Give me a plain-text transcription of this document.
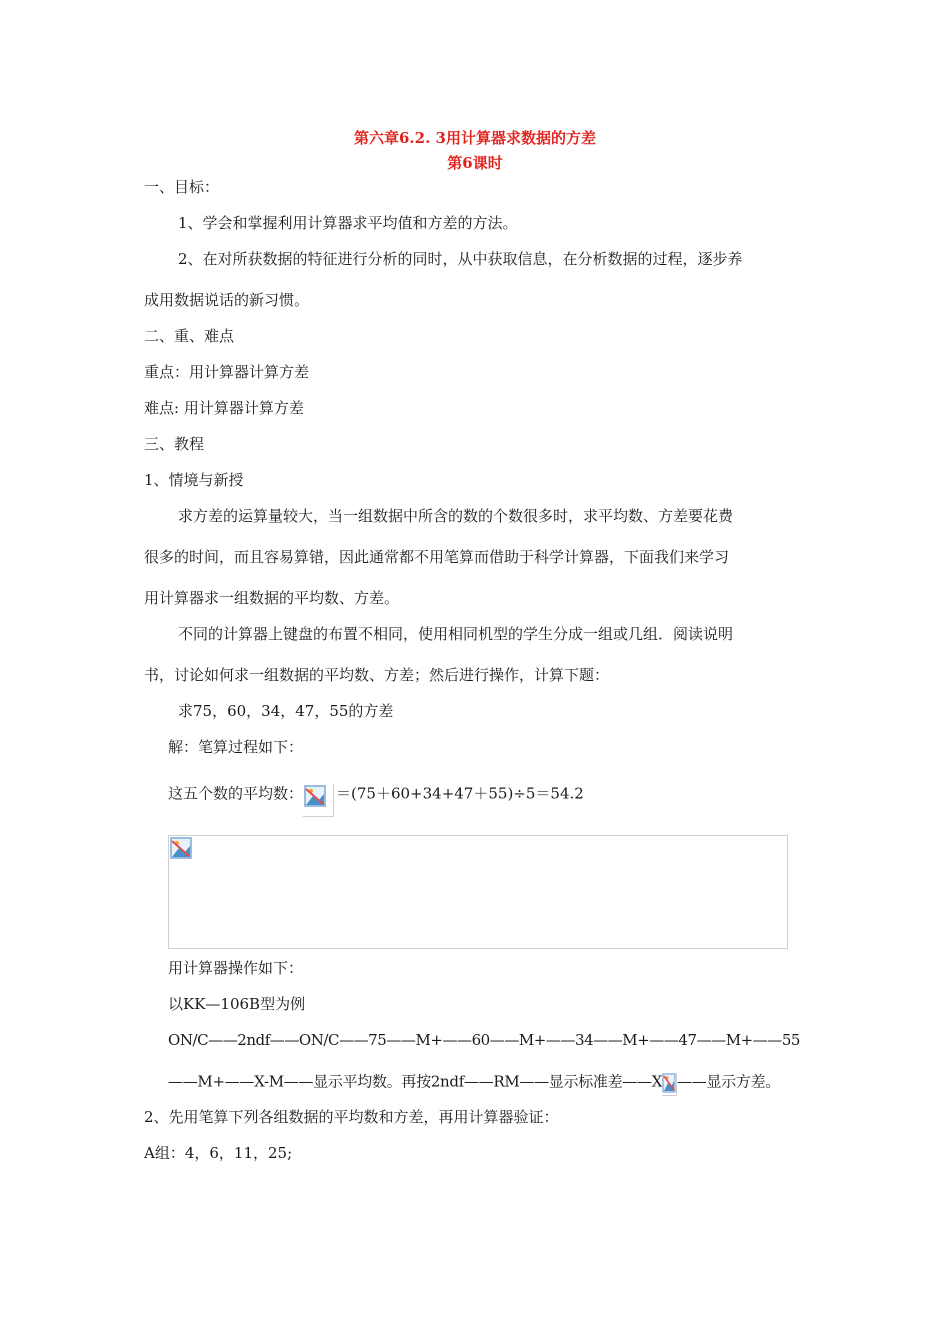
第六章6.2. 3用计算器求数据的方差
第6课时
一、目标：
1、学会和掌握利用计算器求平均值和方差的方法。
2、在对所获数据的特征进行分析的同时，从中获取信息，在分析数据的过程，逐步养
成用数据说话的新习惯。
二、重、难点
重点：用计算器计算方差
难点: 用计算器计算方差
三、教程
1、情境与新授
求方差的运算量较大，当一组数据中所含的数的个数很多时，求平均数、方差要花费
很多的时间，而且容易算错，因此通常都不用笔算而借助于科学计算器，下面我们来学习
用计算器求一组数据的平均数、方差。
不同的计算器上键盘的布置不相同，使用相同机型的学生分成一组或几组．阅读说明
书，讨论如何求一组数据的平均数、方差；然后进行操作，计算下题：
求75，60，34，47，55的方差
解：笔算过程如下：
这五个数的平均数： ＝(75＋60+34+47＋55)÷5＝54.2
用计算器操作如下：
以KK—106B型为例
ON/C——2ndf——ON/C——75——M+——60——M+——34——M+——47——M+——55
——M+——X-M——显示平均数。再按2ndf——RM——显示标准差——X ——显示方差。
2、先用笔算下列各组数据的平均数和方差，再用计算器验证：
A组：4，6，11，25;
